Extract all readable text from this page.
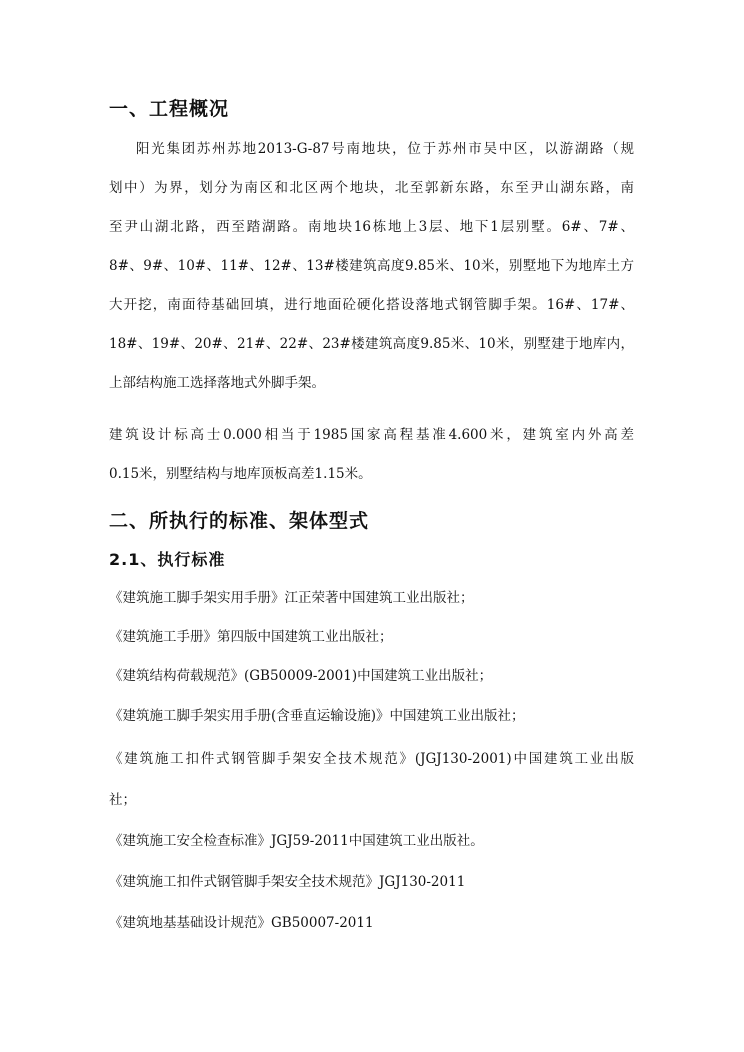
一、工程概况
阳光集团苏州苏地2013-G-87号南地块，位于苏州市吴中区，以游湖路（规
划中）为界，划分为南区和北区两个地块，北至郭新东路，东至尹山湖东路，南
至尹山湖北路，西至踏湖路。南地块16栋地上3层、地下1层别墅。6#、7#、
8#、9#、10#、11#、12#、13#楼建筑高度9.85米、10米，别墅地下为地库土方
大开挖，南面待基础回填，进行地面砼硬化搭设落地式钢管脚手架。16#、17#、
18#、19#、20#、21#、22#、23#楼建筑高度9.85米、10米，别墅建于地库内，
上部结构施工选择落地式外脚手架。
建筑设计标高士0.000相当于1985国家高程基准4.600米，建筑室内外高差
0.15米，别墅结构与地库顶板高差1.15米。
二、所执行的标准、架体型式
2.1、执行标准
《建筑施工脚手架实用手册》江正荣著中国建筑工业出版社；
《建筑施工手册》第四版中国建筑工业出版社；
《建筑结构荷载规范》(GB50009-2001)中国建筑工业出版社；
《建筑施工脚手架实用手册(含垂直运输设施)》中国建筑工业出版社；
《建筑施工扣件式钢管脚手架安全技术规范》(JGJ130-2001)中国建筑工业出版
社；
《建筑施工安全检查标准》JGJ59-2011中国建筑工业出版社。
《建筑施工扣件式钢管脚手架安全技术规范》JGJ130-2011
《建筑地基基础设计规范》GB50007-2011
